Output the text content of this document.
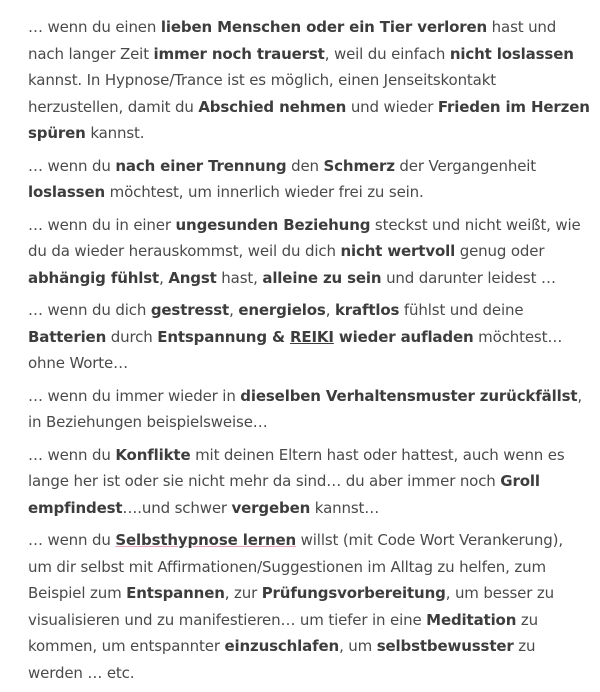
… wenn du einen lieben Menschen oder ein Tier verloren hast und nach langer Zeit immer noch trauerst, weil du einfach nicht loslassen kannst. In Hypnose/Trance ist es möglich, einen Jenseitskontakt herzustellen, damit du Abschied nehmen und wieder Frieden im Herzen spüren kannst.

… wenn du nach einer Trennung den Schmerz der Vergangenheit loslassen möchtest, um innerlich wieder frei zu sein.

… wenn du in einer ungesunden Beziehung steckst und nicht weißt, wie du da wieder herauskommst, weil du dich nicht wertvoll genug oder abhängig fühlst, Angst hast, alleine zu sein und darunter leidest …

… wenn du dich gestresst, energielos, kraftlos fühlst und deine Batterien durch Entspannung & REIKI wieder aufladen möchtest… ohne Worte…

… wenn du immer wieder in dieselben Verhaltensmuster zurückfällst, in Beziehungen beispielsweise…

… wenn du Konflikte mit deinen Eltern hast oder hattest, auch wenn es lange her ist oder sie nicht mehr da sind… du aber immer noch Groll empfindest….und schwer vergeben kannst…

… wenn du Selbsthypnose lernen willst (mit Code Wort Verankerung), um dir selbst mit Affirmationen/Suggestionen im Alltag zu helfen, zum Beispiel zum Entspannen, zur Prüfungsvorbereitung, um besser zu visualisieren und zu manifestieren… um tiefer in eine Meditation zu kommen, um entspannter einzuschlafen, um selbstbewusster zu werden … etc.
